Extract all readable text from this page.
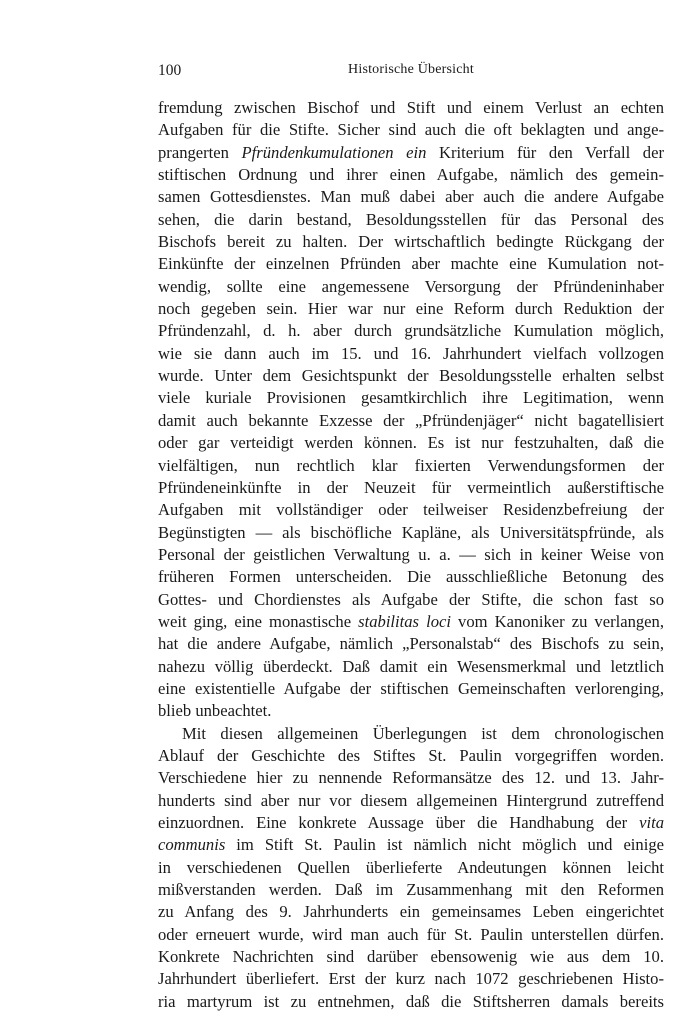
100	Historische Übersicht
fremdung zwischen Bischof und Stift und einem Verlust an echten
Aufgaben für die Stifte. Sicher sind auch die oft beklagten und ange-
prangerten Pfründenkumulationen ein Kriterium für den Verfall der
stiftischen Ordnung und ihrer einen Aufgabe, nämlich des gemein-
samen Gottesdienstes. Man muß dabei aber auch die andere Aufgabe
sehen, die darin bestand, Besoldungsstellen für das Personal des
Bischofs bereit zu halten. Der wirtschaftlich bedingte Rückgang der
Einkünfte der einzelnen Pfründen aber machte eine Kumulation not-
wendig, sollte eine angemessene Versorgung der Pfründeninhaber
noch gegeben sein. Hier war nur eine Reform durch Reduktion der
Pfründenzahl, d. h. aber durch grundsätzliche Kumulation möglich,
wie sie dann auch im 15. und 16. Jahrhundert vielfach vollzogen
wurde. Unter dem Gesichtspunkt der Besoldungsstelle erhalten selbst
viele kuriale Provisionen gesamtkirchlich ihre Legitimation, wenn
damit auch bekannte Exzesse der „Pfründenjäger“ nicht bagatellisiert
oder gar verteidigt werden können. Es ist nur festzuhalten, daß die
vielfältigen, nun rechtlich klar fixierten Verwendungsformen der
Pfründeneinkünfte in der Neuzeit für vermeintlich außerstiftische
Aufgaben mit vollständiger oder teilweiser Residenzbefreiung der
Begünstigten — als bischöfliche Kapläne, als Universitätspfründe, als
Personal der geistlichen Verwaltung u. a. — sich in keiner Weise von
früheren Formen unterscheiden. Die ausschließliche Betonung des
Gottes- und Chordienstes als Aufgabe der Stifte, die schon fast so
weit ging, eine monastische stabilitas loci vom Kanoniker zu verlangen,
hat die andere Aufgabe, nämlich „Personalstab“ des Bischofs zu sein,
nahezu völlig überdeckt. Daß damit ein Wesensmerkmal und letztlich
eine existentielle Aufgabe der stiftischen Gemeinschaften verlorenging,
blieb unbeachtet.
Mit diesen allgemeinen Überlegungen ist dem chronologischen
Ablauf der Geschichte des Stiftes St. Paulin vorgegriffen worden.
Verschiedene hier zu nennende Reformansätze des 12. und 13. Jahr-
hunderts sind aber nur vor diesem allgemeinen Hintergrund zutreffend
einzuordnen. Eine konkrete Aussage über die Handhabung der vita
communis im Stift St. Paulin ist nämlich nicht möglich und einige
in verschiedenen Quellen überlieferte Andeutungen können leicht
mißverstanden werden. Daß im Zusammenhang mit den Reformen
zu Anfang des 9. Jahrhunderts ein gemeinsames Leben eingerichtet
oder erneuert wurde, wird man auch für St. Paulin unterstellen dürfen.
Konkrete Nachrichten sind darüber ebensowenig wie aus dem 10.
Jahrhundert überliefert. Erst der kurz nach 1072 geschriebenen Histo-
ria martyrum ist zu entnehmen, daß die Stiftsherren damals bereits
